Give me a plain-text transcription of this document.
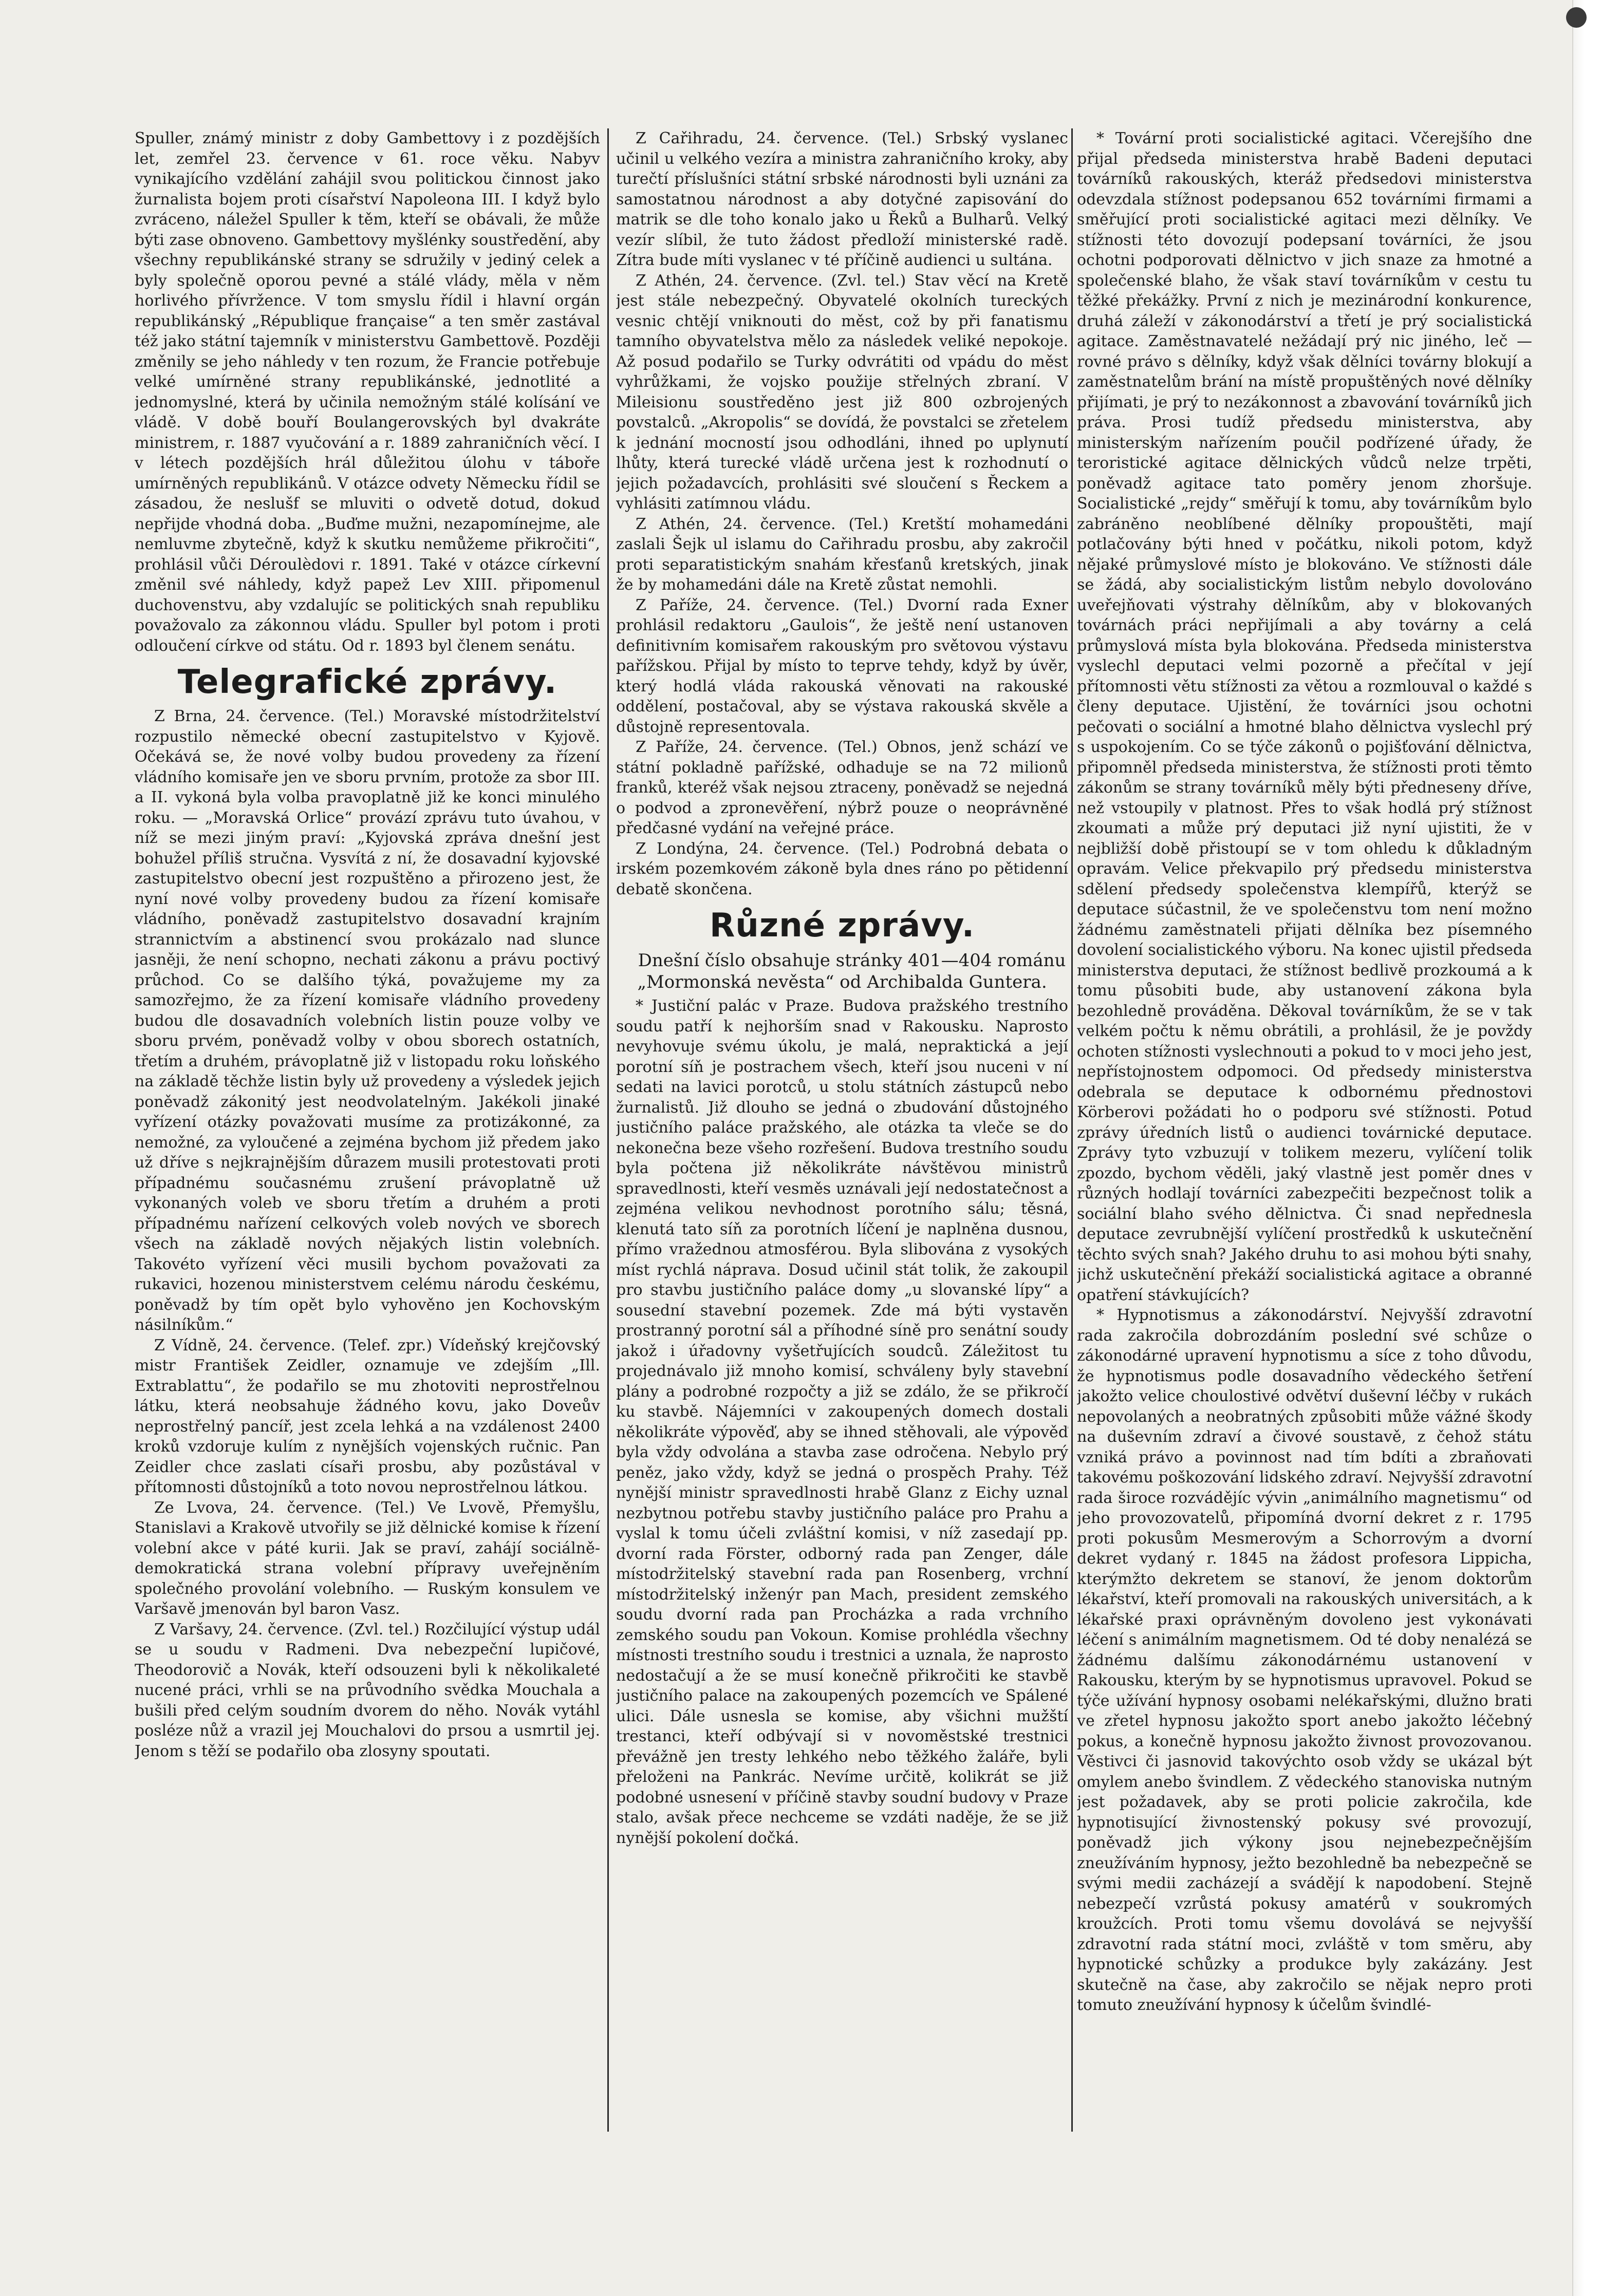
Spuller, známý ministr z doby Gambettovy i z pozdějších let, zemřel 23. července v 61. roce věku. Nabyv vynikajícího vzdělání zahájil svou politickou činnost jako žurnalista bojem proti císařství Napoleona III. I když bylo zvráceno, náležel Spuller k těm, kteří se obávali, že může býti zase obnoveno. Gambettovy myšlénky soustředění, aby všechny republikánské strany se sdružily v jediný celek a byly společně oporou pevné a stálé vlády, měla v něm horlivého přívržence. V tom smyslu řídil i hlavní orgán republikánský „République française“ a ten směr zastával též jako státní tajemník v ministerstvu Gambettově. Později změnily se jeho náhledy v ten rozum, že Francie potřebuje velké umírněné strany republikánské, jednotlité a jednomyslné, která by učinila nemožným stálé kolísání ve vládě. V době bouří Boulangerovských byl dvakráte ministrem, r. 1887 vyučování a r. 1889 zahraničních věcí. I v létech pozdějších hrál důležitou úlohu v táboře umírněných republikánů. V otázce odvety Německu řídil se zásadou, že neslušf se mluviti o odvetě dotud, dokud nepřijde vhodná doba. „Buďme mužni, nezapomínejme, ale nemluvme zbytečně, když k skutku nemůžeme přikročiti“, prohlásil vůči Déroulèdovi r. 1891. Také v otázce církevní změnil své náhledy, když papež Lev XIII. připomenul duchovenstvu, aby vzdalujíc se politických snah republiku považovalo za zákonnou vládu. Spuller byl potom i proti odloučení církve od státu. Od r. 1893 byl členem senátu.

Telegrafické zprávy.

Z Brna, 24. července. (Tel.) Moravské místodržitelství rozpustilo německé obecní zastupitelstvo v Kyjově. Očekává se, že nové volby budou provedeny za řízení vládního komisaře jen ve sboru prvním, protože za sbor III. a II. vykoná byla volba pravoplatně již ke konci minulého roku. — „Moravská Orlice“ provází zprávu tuto úvahou, v níž se mezi jiným praví: „Kyjovská zpráva dnešní jest bohužel příliš stručna. Vysvítá z ní, že dosavadní kyjovské zastupitelstvo obecní jest rozpuštěno a přirozeno jest, že nyní nové volby provedeny budou za řízení komisaře vládního, poněvadž zastupitelstvo dosavadní krajním strannictvím a abstinencí svou prokázalo nad slunce jasněji, že není schopno, nechati zákonu a právu poctivý průchod. Co se dalšího týká, považujeme my za samozřejmo, že za řízení komisaře vládního provedeny budou dle dosavadních volebních listin pouze volby ve sboru prvém, poněvadž volby v obou sborech ostatních, třetím a druhém, právoplatně již v listopadu roku loňského na základě těchže listin byly už provedeny a výsledek jejich poněvadž zákonitý jest neodvolatelným. Jakékoli jinaké vyřízení otázky považovati musíme za protizákonné, za nemožné, za vyloučené a zejména bychom již předem jako už dříve s nejkrajnějším důrazem musili protestovati proti případnému současnému zrušení právoplatně už vykonaných voleb ve sboru třetím a druhém a proti případnému nařízení celkových voleb nových ve sborech všech na základě nových nějakých listin volebních. Takovéto vyřízení věci musili bychom považovati za rukavici, hozenou ministerstvem celému národu českému, poněvadž by tím opět bylo vyhověno jen Kochovským násilníkům.“

Z Vídně, 24. července. (Telef. zpr.) Vídeňský krejčovský mistr František Zeidler, oznamuje ve zdejším „Ill. Extrablattu“, že podařilo se mu zhotoviti neprostřelnou látku, která neobsahuje žádného kovu, jako Doveův neprostřelný pancíř, jest zcela lehká a na vzdálenost 2400 kroků vzdoruje kulím z nynějších vojenských ručnic. Pan Zeidler chce zaslati císaři prosbu, aby pozůstával v přítomnosti důstojníků a toto novou neprostřelnou látkou.

Ze Lvova, 24. července. (Tel.) Ve Lvově, Přemyšlu, Stanislavi a Krakově utvořily se již dělnické komise k řízení volební akce v páté kurii. Jak se praví, zahájí sociálně-demokratická strana volební přípravy uveřejněním společného provolání volebního. — Ruským konsulem ve Varšavě jmenován byl baron Vasz.

Z Varšavy, 24. července. (Zvl. tel.) Rozčilující výstup udál se u soudu v Radmeni. Dva nebezpeční lupičové, Theodorovič a Novák, kteří odsouzeni byli k několikaleté nucené práci, vrhli se na průvodního svědka Mouchala a bušili před celým soudním dvorem do něho. Novák vytáhl posléze nůž a vrazil jej Mouchalovi do prsou a usmrtil jej. Jenom s těží se podařilo oba zlosyny spoutati.

Z Cařihradu, 24. července. (Tel.) Srbský vyslanec učinil u velkého vezíra a ministra zahraničního kroky, aby turečtí příslušníci státní srbské národnosti byli uznáni za samostatnou národnost a aby dotyčné zapisování do matrik se dle toho konalo jako u Řeků a Bulharů. Velký vezír slíbil, že tuto žádost předloží ministerské radě. Zítra bude míti vyslanec v té příčině audienci u sultána.

Z Athén, 24. července. (Zvl. tel.) Stav věcí na Kretě jest stále nebezpečný. Obyvatelé okolních tureckých vesnic chtějí vniknouti do měst, což by při fanatismu tamního obyvatelstva mělo za následek veliké nepokoje. Až posud podařilo se Turky odvrátiti od vpádu do měst vyhrůžkami, že vojsko použije střelných zbraní. V Mileisionu soustředěno jest již 800 ozbrojených povstalců. „Akropolis“ se dovídá, že povstalci se zřetelem k jednání mocností jsou odhodláni, ihned po uplynutí lhůty, která turecké vládě určena jest k rozhodnutí o jejich požadavcích, prohlásiti své sloučení s Řeckem a vyhlásiti zatímnou vládu.

Z Athén, 24. července. (Tel.) Kretští mohamedáni zaslali Šejk ul islamu do Cařihradu prosbu, aby zakročil proti separatistickým snahám křesťanů kretských, jinak že by mohamedáni dále na Kretě zůstat nemohli.

Z Paříže, 24. července. (Tel.) Dvorní rada Exner prohlásil redaktoru „Gaulois“, že ještě není ustanoven definitivním komisařem rakouským pro světovou výstavu pařížskou. Přijal by místo to teprve tehdy, když by úvěr, který hodlá vláda rakouská věnovati na rakouské oddělení, postačoval, aby se výstava rakouská skvěle a důstojně representovala.

Z Paříže, 24. července. (Tel.) Obnos, jenž schází ve státní pokladně pařížské, odhaduje se na 72 milionů franků, kteréž však nejsou ztraceny, poněvadž se nejedná o podvod a zpronevěření, nýbrž pouze o neoprávněné předčasné vydání na veřejné práce.

Z Londýna, 24. července. (Tel.) Podrobná debata o irském pozemkovém zákoně byla dnes ráno po pětidenní debatě skončena.

Různé zprávy.

Dnešní číslo obsahuje stránky 401—404 románu „Mormonská nevěsta“ od Archibalda Guntera.

* Justiční palác v Praze. Budova pražského trestního soudu patří k nejhorším snad v Rakousku. Naprosto nevyhovuje svému úkolu, je malá, nepraktická a její porotní síň je postrachem všech, kteří jsou nuceni v ní sedati na lavici porotců, u stolu státních zástupců nebo žurnalistů. Již dlouho se jedná o zbudování důstojného justičního paláce pražského, ale otázka ta vleče se do nekonečna beze všeho rozřešení. Budova trestního soudu byla počtena již několikráte návštěvou ministrů spravedlnosti, kteří vesměs uznávali její nedostatečnost a zejména velikou nevhodnost porotního sálu; těsná, klenutá tato síň za porotních líčení je naplněna dusnou, přímo vražednou atmosférou. Byla slibována z vysokých míst rychlá náprava. Dosud učinil stát tolik, že zakoupil pro stavbu justičního paláce domy „u slovanské lípy“ a sousední stavební pozemek. Zde má býti vystavěn prostranný porotní sál a příhodné síně pro senátní soudy jakož i úřadovny vyšetřujících soudců. Záležitost tu projednávalo již mnoho komisí, schváleny byly stavební plány a podrobné rozpočty a již se zdálo, že se přikročí ku stavbě. Nájemníci v zakoupených domech dostali několikráte výpověď, aby se ihned stěhovali, ale výpověď byla vždy odvolána a stavba zase odročena. Nebylo prý peněz, jako vždy, když se jedná o prospěch Prahy. Též nynější ministr spravedlnosti hrabě Glanz z Eichy uznal nezbytnou potřebu stavby justičního paláce pro Prahu a vyslal k tomu účeli zvláštní komisi, v níž zasedají pp. dvorní rada Förster, odborný rada pan Zenger, dále místodržitelský stavební rada pan Rosenberg, vrchní místodržitelský inženýr pan Mach, president zemského soudu dvorní rada pan Procházka a rada vrchního zemského soudu pan Vokoun. Komise prohlédla všechny místnosti trestního soudu i trestnici a uznala, že naprosto nedostačují a že se musí konečně přikročiti ke stavbě justičního palace na zakoupených pozemcích ve Spálené ulici. Dále usnesla se komise, aby všichni mužští trestanci, kteří odbývají si v novoměstské trestnici převážně jen tresty lehkého nebo těžkého žaláře, byli přeloženi na Pankrác. Nevíme určitě, kolikrát se již podobné usnesení v příčině stavby soudní budovy v Praze stalo, avšak přece nechceme se vzdáti naděje, že se již nynější pokolení dočká.

* Tovární proti socialistické agitaci. Včerejšího dne přijal předseda ministerstva hrabě Badeni deputaci továrníků rakouských, kteráž předsedovi ministerstva odevzdala stížnost podepsanou 652 továrními firmami a směřující proti socialistické agitaci mezi dělníky. Ve stížnosti této dovozují podepsaní továrníci, že jsou ochotni podporovati dělnictvo v jich snaze za hmotné a společenské blaho, že však staví továrníkům v cestu tu těžké překážky. První z nich je mezinárodní konkurence, druhá záleží v zákonodárství a třetí je prý socialistická agitace. Zaměstnavatelé nežádají prý nic jiného, leč — rovné právo s dělníky, když však dělníci továrny blokují a zaměstnatelům brání na místě propuštěných nové dělníky přijímati, je prý to nezákonnost a zbavování továrníků jich práva. Prosi tudíž předsedu ministerstva, aby ministerským nařízením poučil podřízené úřady, že teroristické agitace dělnických vůdců nelze trpěti, poněvadž agitace tato poměry jenom zhoršuje. Socialistické „rejdy“ směřují k tomu, aby továrníkům bylo zabráněno neoblíbené dělníky propouštěti, mají potlačovány býti hned v počátku, nikoli potom, když nějaké průmyslové místo je blokováno. Ve stížnosti dále se žádá, aby socialistickým listům nebylo dovolováno uveřejňovati výstrahy dělníkům, aby v blokovaných továrnách práci nepřijímali a aby továrny a celá průmyslová místa byla blokována. Předseda ministerstva vyslechl deputaci velmi pozorně a přečítal v její přítomnosti větu stížnosti za větou a rozmlouval o každé s členy deputace. Ujistění, že továrníci jsou ochotni pečovati o sociální a hmotné blaho dělnictva vyslechl prý s uspokojením. Co se týče zákonů o pojišťování dělnictva, připomněl předseda ministerstva, že stížnosti proti těmto zákonům se strany továrníků měly býti předneseny dříve, než vstoupily v platnost. Přes to však hodlá prý stížnost zkoumati a může prý deputaci již nyní ujistiti, že v nejbližší době přistoupí se v tom ohledu k důkladným opravám. Velice překvapilo prý předsedu ministerstva sdělení předsedy společenstva klempířů, kterýž se deputace súčastnil, že ve společenstvu tom není možno žádnému zaměstnateli přijati dělníka bez písemného dovolení socialistického výboru. Na konec ujistil předseda ministerstva deputaci, že stížnost bedlivě prozkoumá a k tomu působiti bude, aby ustanovení zákona byla bezohledně prováděna. Děkoval továrníkům, že se v tak velkém počtu k němu obrátili, a prohlásil, že je povždy ochoten stížnosti vyslechnouti a pokud to v moci jeho jest, nepřístojnostem odpomoci. Od předsedy ministerstva odebrala se deputace k odbornému přednostovi Körberovi požádati ho o podporu své stížnosti. Potud zprávy úředních listů o audienci továrnické deputace. Zprávy tyto vzbuzují v tolikem mezeru, vylíčení tolik zpozdo, bychom věděli, jaký vlastně jest poměr dnes v různých hodlají továrníci zabezpečiti bezpečnost tolik a sociální blaho svého dělnictva. Či snad nepředneslа deputace zevrubnější vylíčení prostředků k uskutečnění těchto svých snah? Jakého druhu to asi mohou býti snahy, jichž uskutečnění překáží socialistická agitace a obranné opatření stávkujících?

* Hypnotismus a zákonodárství. Nejvyšší zdravotní rada zakročila dobrozdáním poslední své schůze o zákonodárné upravení hypnotismu a síce z toho důvodu, že hypnotismus podle dosavadního vědeckého šetření jakožto velice choulostivé odvětví duševní léčby v rukách nepovolaných a neobratných způsobiti může vážné škody na duševním zdraví a čivové soustavě, z čehož státu vzniká právo a povinnost nad tím bdíti a zbraňovati takovému poškozování lidského zdraví. Nejvyšší zdravotní rada široce rozvádějíc vývin „animálního magnetismu“ od jeho provozovatelů, připomíná dvorní dekret z r. 1795 proti pokusům Mesmerovým a Schorrovým a dvorní dekret vydaný r. 1845 na žádost profesora Lippicha, kterýmžto dekretem se stanoví, že jenom doktorům lékařství, kteří promovali na rakouských universitách, a k lékařské praxi oprávněným dovoleno jest vykonávati léčení s animálním magnetismem. Od té doby nenalézá se žádnému dalšímu zákonodárnému ustanovení v Rakousku, kterým by se hypnotismus upravovel. Pokud se týče užívání hypnosy osobami nelékařskými, dlužno brati ve zřetel hypnosu jakožto sport anebo jakožto léčebný pokus, a konečně hypnosu jakožto živnost provozovanou. Věstivci či jasnovid takovýchto osob vždy se ukázal být omylem anebo švindlem. Z vědeckého stanoviska nutným jest požadavek, aby se proti policie zakročila, kde hypnotisující živnostenský pokusy své provozují, poněvadž jich výkony jsou nejnebezpečnějším zneužíváním hypnosy, ježto bezohledně ba nebezpečně se svými medii zacházejí a svádějí k napodobení. Stejně nebezpečí vzrůstá pokusy amatérů v soukromých kroužcích. Proti tomu všemu dovolává se nejvyšší zdravotní rada státní moci, zvláště v tom směru, aby hypnotické schůzky a produkce byly zakázány. Jest skutečně na čase, aby zakročilo se nějak nepro proti tomuto zneužívání hypnosy k účelům švindlé-
